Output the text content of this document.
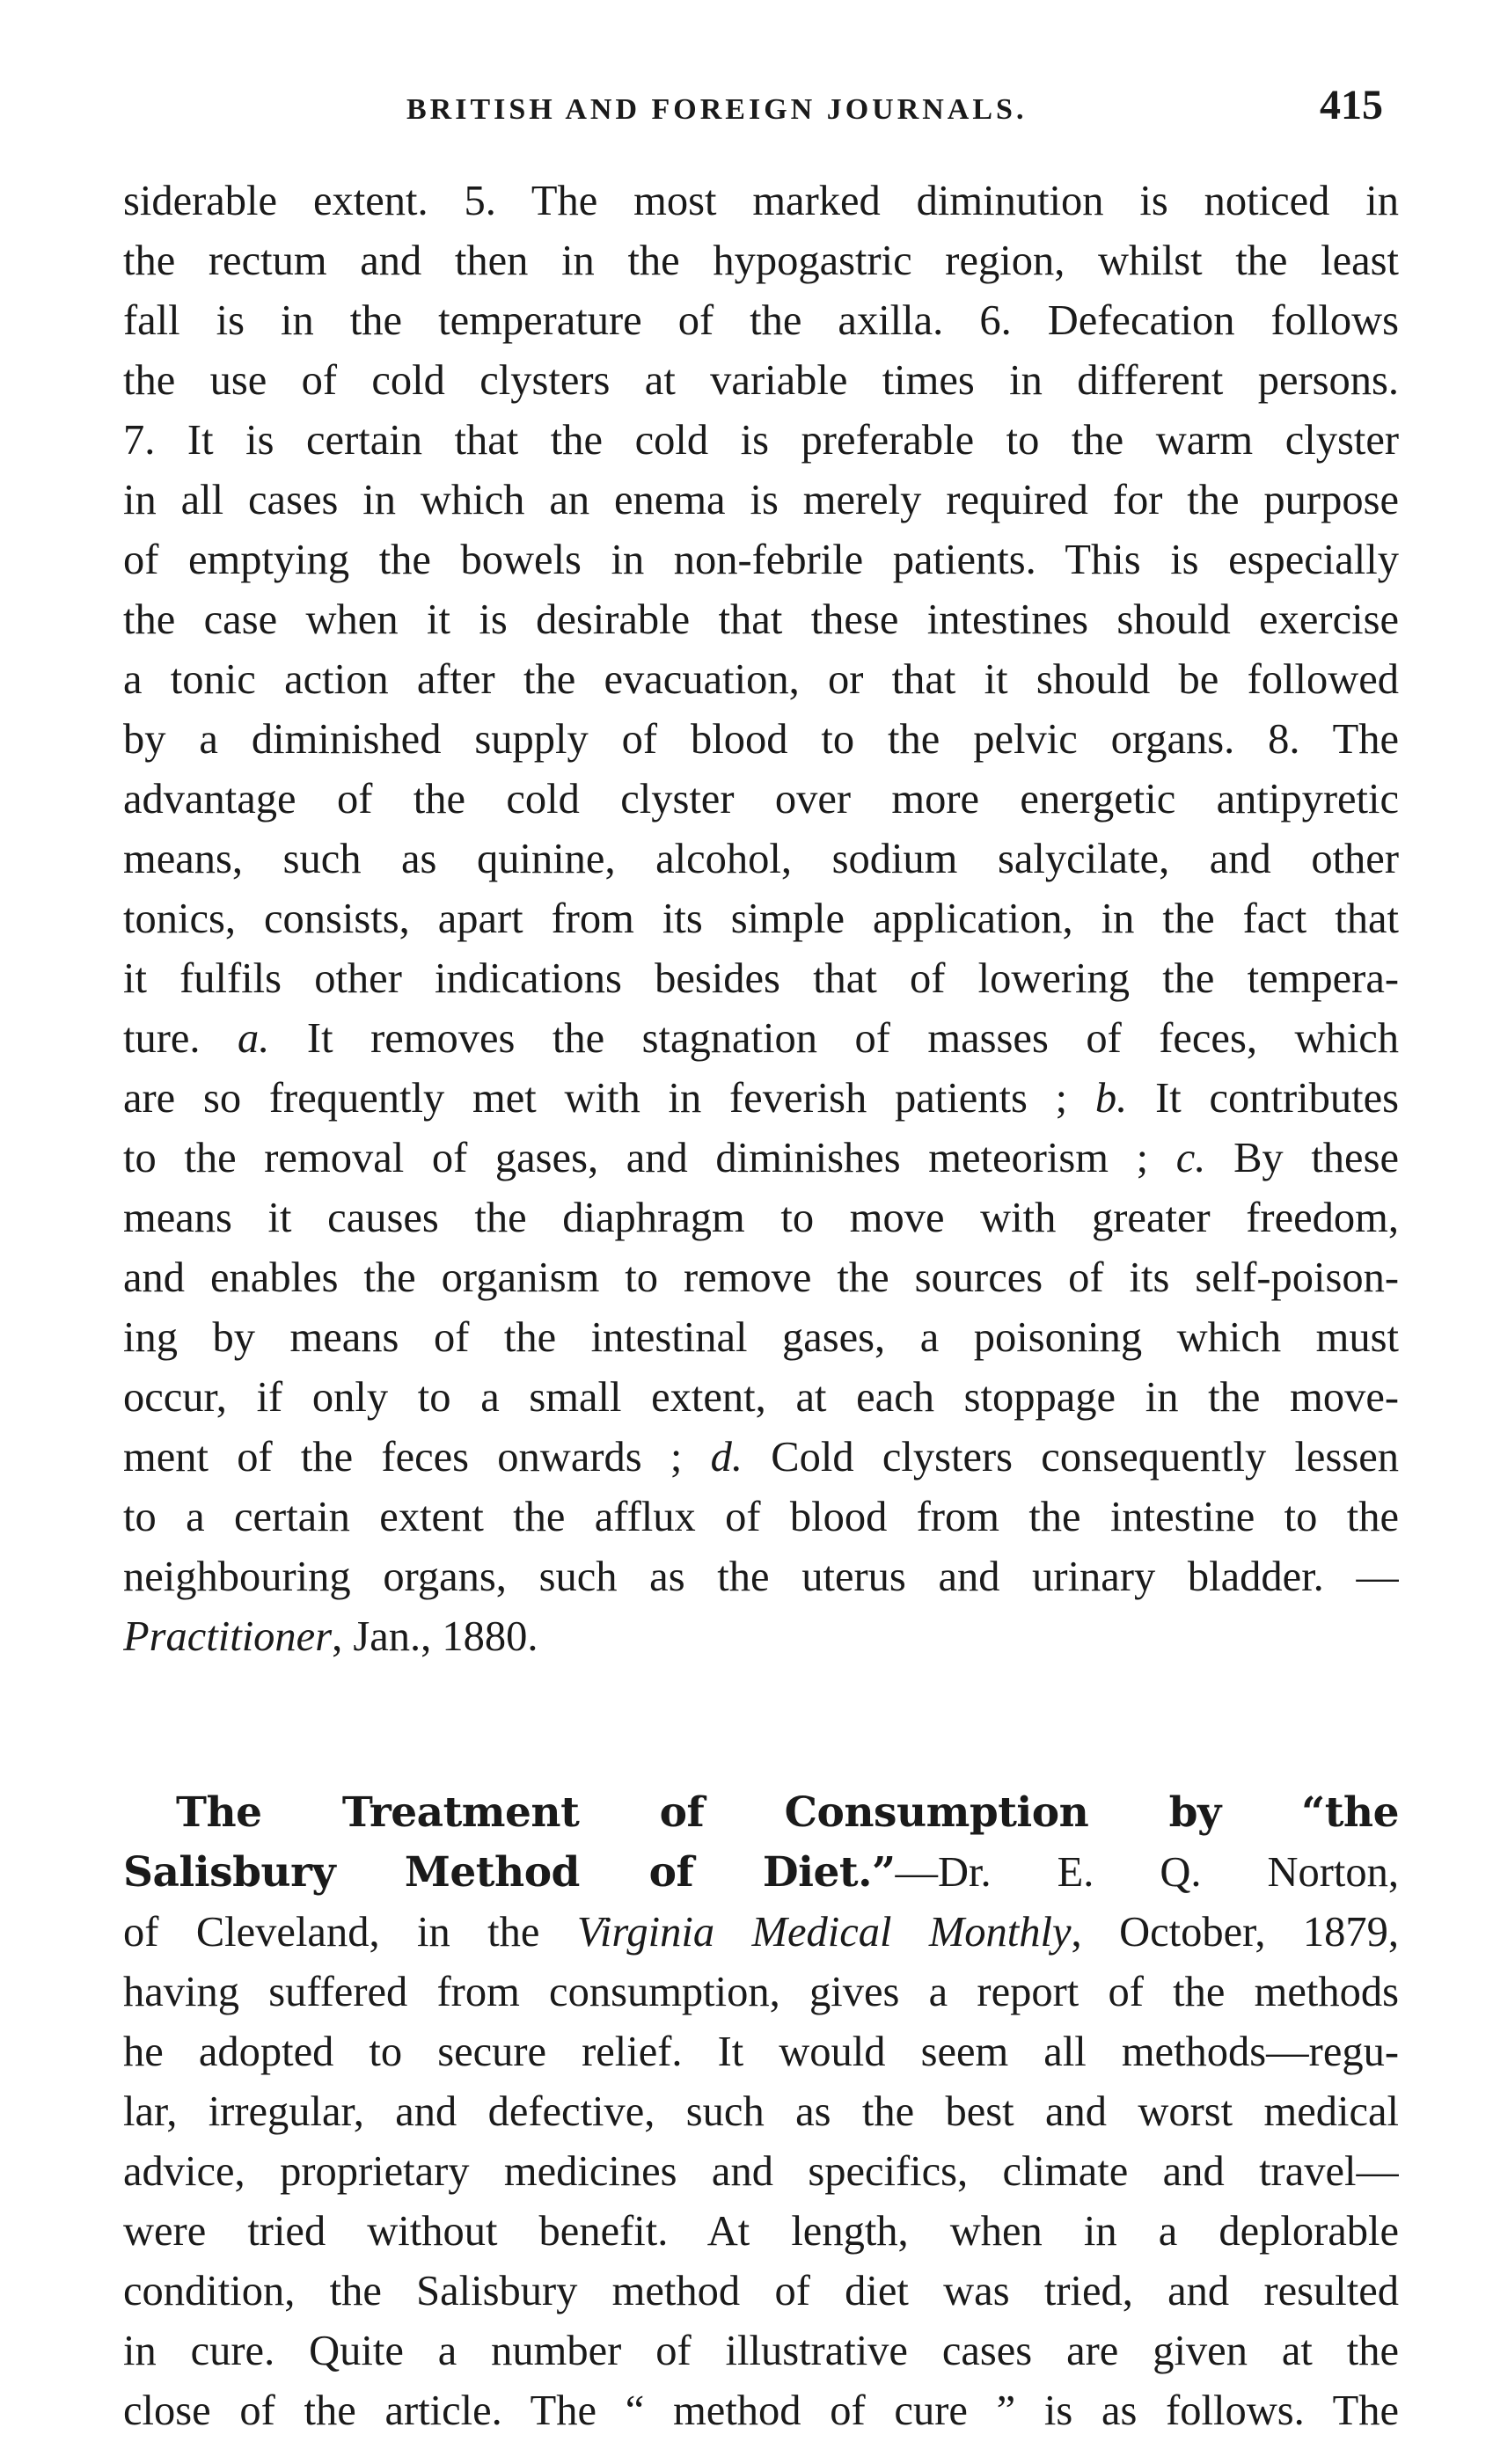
BRITISH AND FOREIGN JOURNALS.	415
siderable extent. 5. The most marked diminution is noticed in
the rectum and then in the hypogastric region, whilst the least
fall is in the temperature of the axilla. 6. Defecation follows
the use of cold clysters at variable times in different persons.
7. It is certain that the cold is preferable to the warm clyster
in all cases in which an enema is merely required for the purpose
of emptying the bowels in non-febrile patients. This is especially
the case when it is desirable that these intestines should exercise
a tonic action after the evacuation, or that it should be followed
by a diminished supply of blood to the pelvic organs. 8. The
advantage of the cold clyster over more energetic antipyretic
means, such as quinine, alcohol, sodium salycilate, and other
tonics, consists, apart from its simple application, in the fact that
it fulfils other indications besides that of lowering the tempera-
ture. a. It removes the stagnation of masses of feces, which
are so frequently met with in feverish patients ; b. It contributes
to the removal of gases, and diminishes meteorism ; c. By these
means it causes the diaphragm to move with greater freedom,
and enables the organism to remove the sources of its self-poison-
ing by means of the intestinal gases, a poisoning which must
occur, if only to a small extent, at each stoppage in the move-
ment of the feces onwards ; d. Cold clysters consequently lessen
to a certain extent the afflux of blood from the intestine to the
neighbouring organs, such as the uterus and urinary bladder. —
Practitioner, Jan., 1880.
The Treatment of Consumption by “the
Salisbury Method of Diet.”—Dr. E. Q. Norton,
of Cleveland, in the Virginia Medical Monthly, October, 1879,
having suffered from consumption, gives a report of the methods
he adopted to secure relief. It would seem all methods—regu-
lar, irregular, and defective, such as the best and worst medical
advice, proprietary medicines and specifics, climate and travel—
were tried without benefit. At length, when in a deplorable
condition, the Salisbury method of diet was tried, and resulted
in cure. Quite a number of illustrative cases are given at the
close of the article. The “ method of cure ” is as follows. The
